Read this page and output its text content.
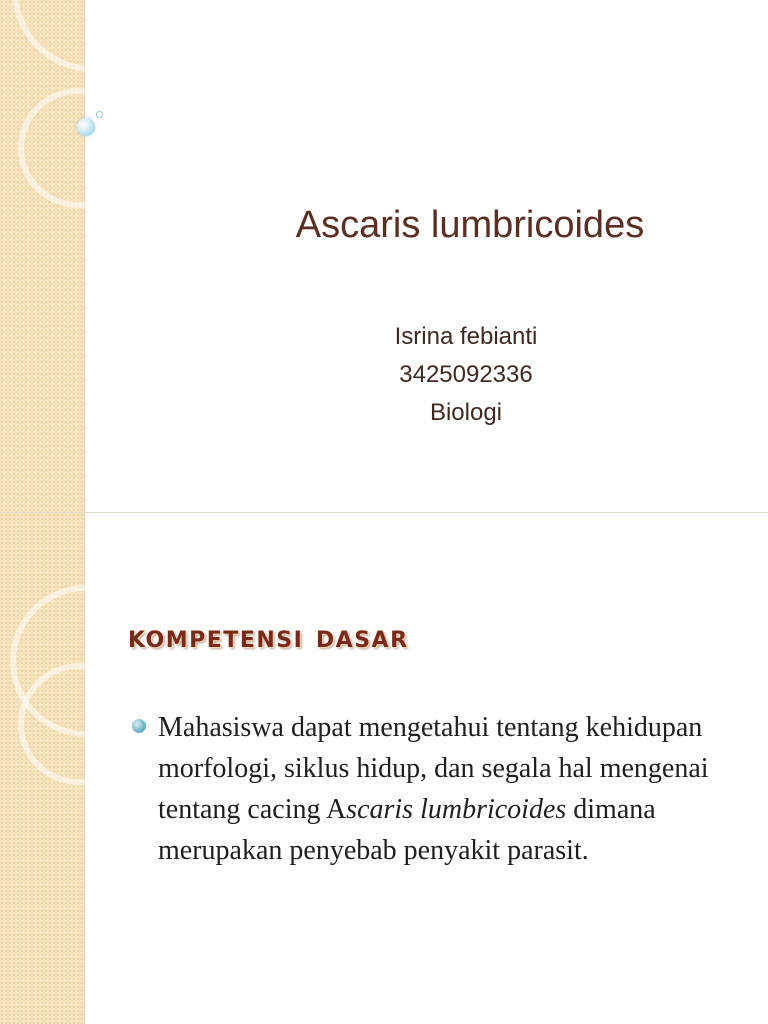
Ascaris lumbricoides
Isrina febianti
3425092336
Biologi
kompetensi dasar
Mahasiswa dapat mengetahui tentang kehidupan morfologi, siklus hidup, dan segala hal mengenai tentang cacing Ascaris lumbricoides dimana merupakan penyebab penyakit parasit.
